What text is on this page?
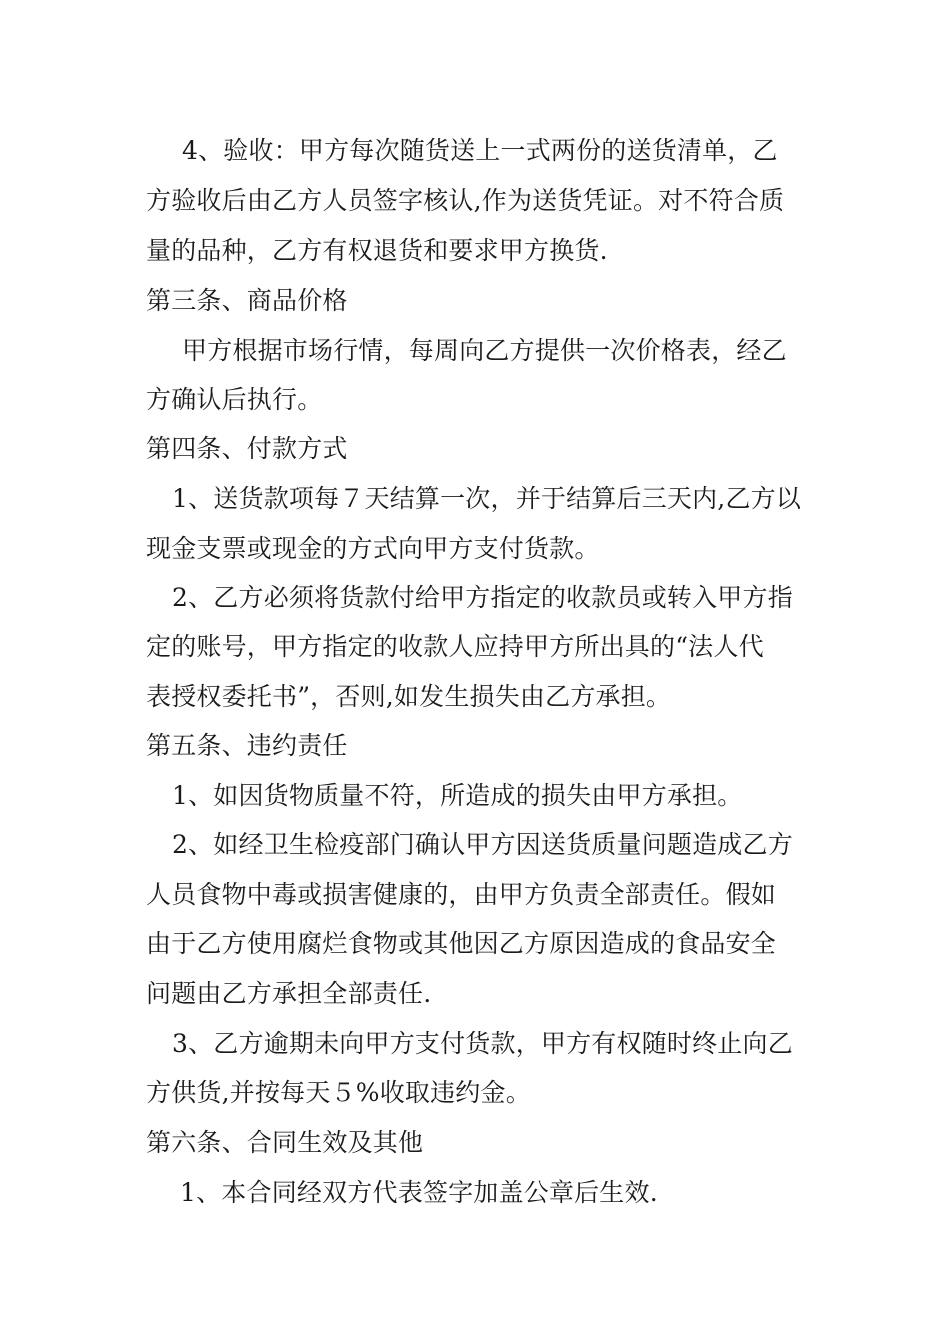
4、验收：甲方每次随货送上一式两份的送货清单，乙
方验收后由乙方人员签字核认,作为送货凭证。对不符合质
量的品种，乙方有权退货和要求甲方换货.
第三条、商品价格
甲方根据市场行情，每周向乙方提供一次价格表，经乙
方确认后执行。
第四条、付款方式
1、送货款项每７天结算一次，并于结算后三天内,乙方以
现金支票或现金的方式向甲方支付货款。
2、乙方必须将货款付给甲方指定的收款员或转入甲方指
定的账号，甲方指定的收款人应持甲方所出具的“法人代
表授权委托书”，否则,如发生损失由乙方承担。
第五条、违约责任
1、如因货物质量不符，所造成的损失由甲方承担。
2、如经卫生检疫部门确认甲方因送货质量问题造成乙方
人员食物中毒或损害健康的，由甲方负责全部责任。假如
由于乙方使用腐烂食物或其他因乙方原因造成的食品安全
问题由乙方承担全部责任.
3、乙方逾期未向甲方支付货款，甲方有权随时终止向乙
方供货,并按每天５%收取违约金。
第六条、合同生效及其他
1、本合同经双方代表签字加盖公章后生效.
